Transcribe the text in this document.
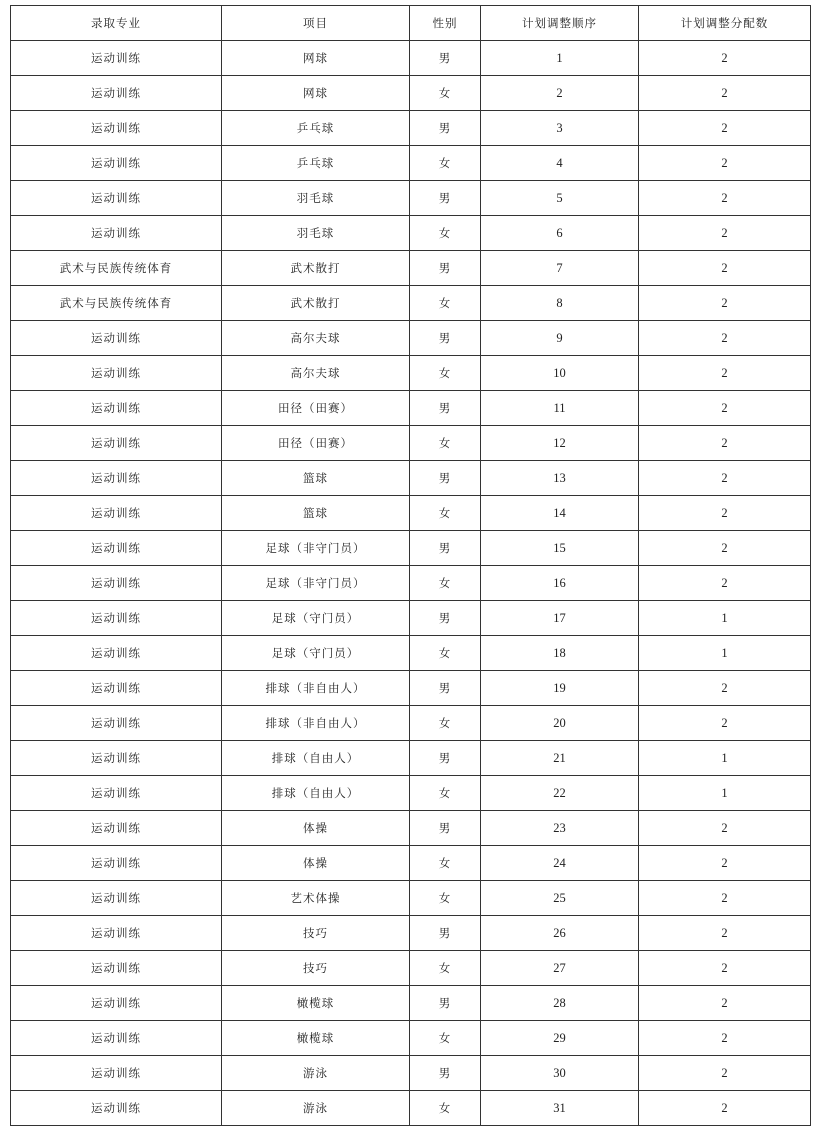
录取专业	项目	性别	计划调整顺序	计划调整分配数
运动训练	网球	男	1	2
运动训练	网球	女	2	2
运动训练	乒乓球	男	3	2
运动训练	乒乓球	女	4	2
运动训练	羽毛球	男	5	2
运动训练	羽毛球	女	6	2
武术与民族传统体育	武术散打	男	7	2
武术与民族传统体育	武术散打	女	8	2
运动训练	高尔夫球	男	9	2
运动训练	高尔夫球	女	10	2
运动训练	田径（田赛）	男	11	2
运动训练	田径（田赛）	女	12	2
运动训练	篮球	男	13	2
运动训练	篮球	女	14	2
运动训练	足球（非守门员）	男	15	2
运动训练	足球（非守门员）	女	16	2
运动训练	足球（守门员）	男	17	1
运动训练	足球（守门员）	女	18	1
运动训练	排球（非自由人）	男	19	2
运动训练	排球（非自由人）	女	20	2
运动训练	排球（自由人）	男	21	1
运动训练	排球（自由人）	女	22	1
运动训练	体操	男	23	2
运动训练	体操	女	24	2
运动训练	艺术体操	女	25	2
运动训练	技巧	男	26	2
运动训练	技巧	女	27	2
运动训练	橄榄球	男	28	2
运动训练	橄榄球	女	29	2
运动训练	游泳	男	30	2
运动训练	游泳	女	31	2
